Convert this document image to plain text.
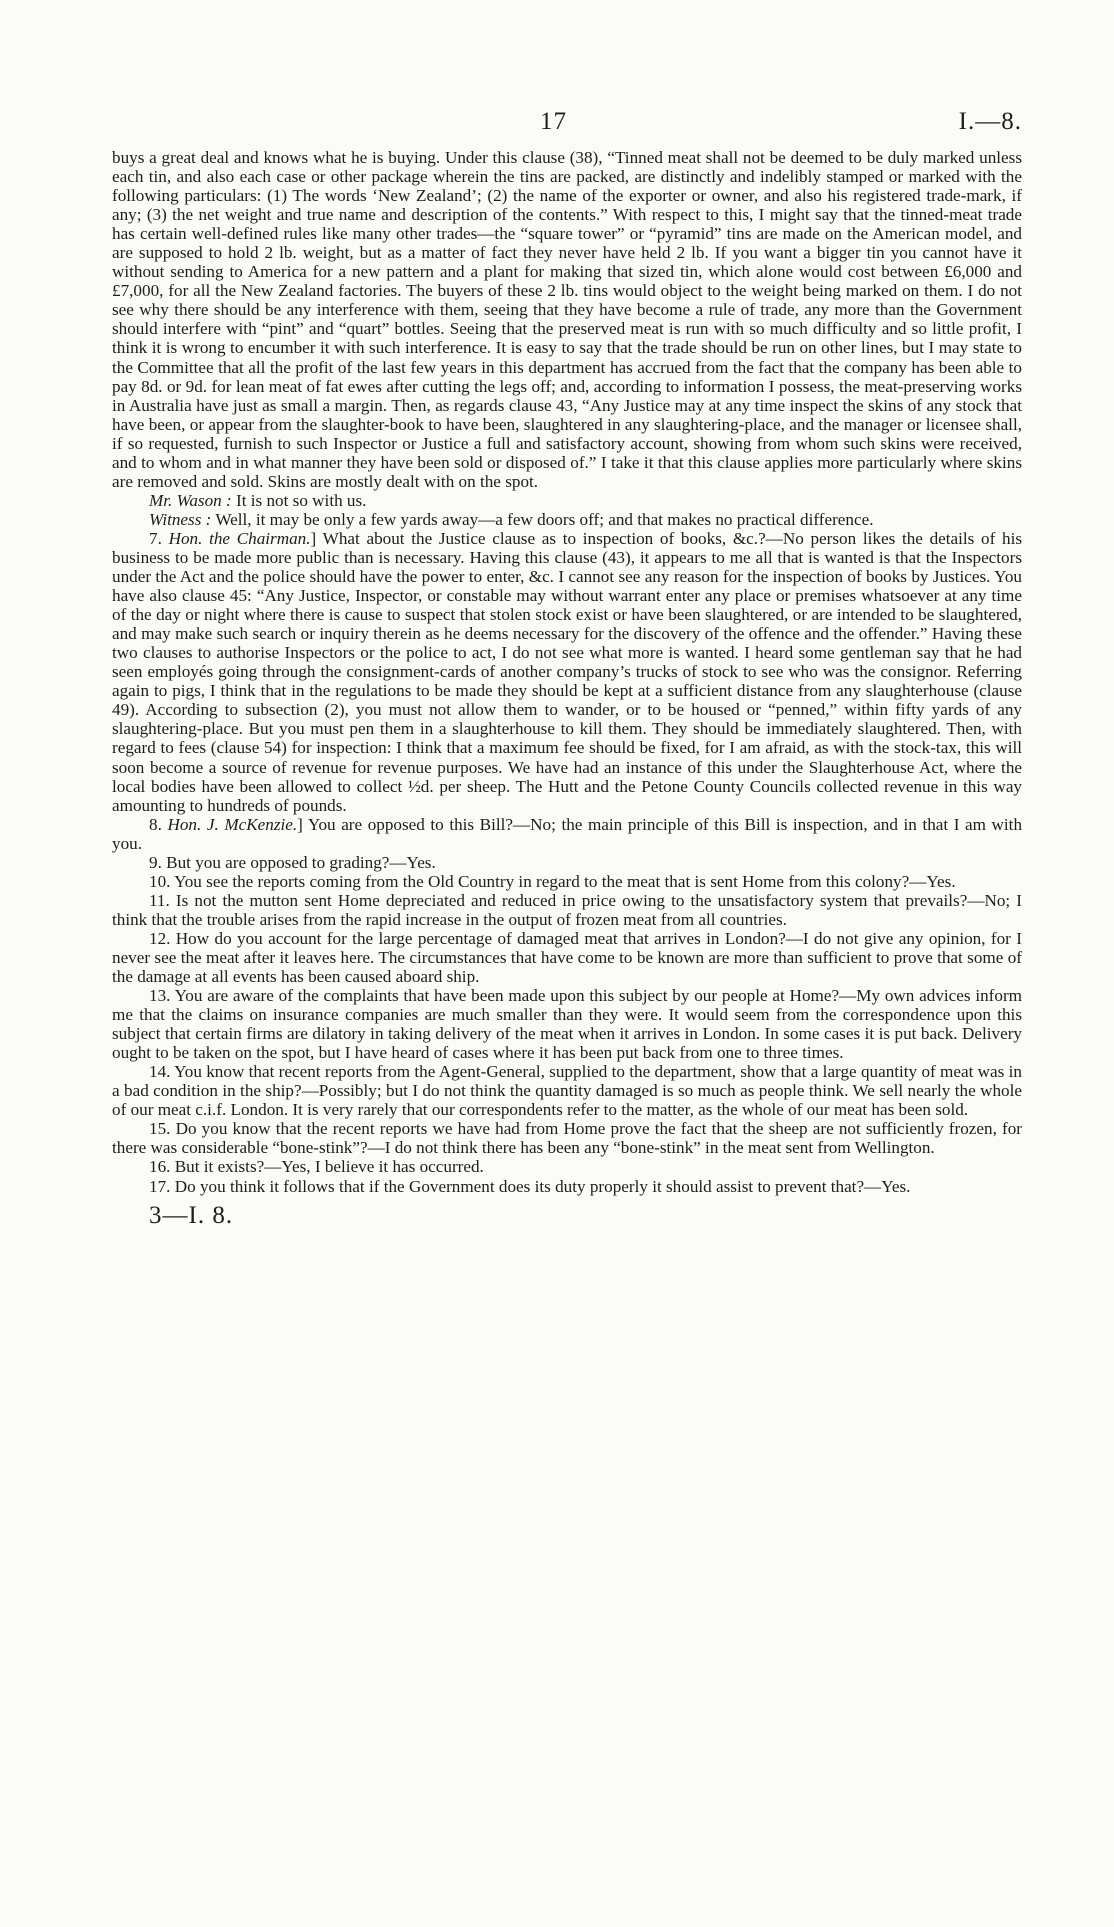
17	I.—8.

buys a great deal and knows what he is buying. Under this clause (38), “Tinned meat shall not be deemed to be duly marked unless each tin, and also each case or other package wherein the tins are packed, are distinctly and indelibly stamped or marked with the following particulars: (1) The words ‘New Zealand’; (2) the name of the exporter or owner, and also his registered trade-mark, if any; (3) the net weight and true name and description of the contents.” With respect to this, I might say that the tinned-meat trade has certain well-defined rules like many other trades—the “square tower” or “pyramid” tins are made on the American model, and are supposed to hold 2 lb. weight, but as a matter of fact they never have held 2 lb. If you want a bigger tin you cannot have it without sending to America for a new pattern and a plant for making that sized tin, which alone would cost between £6,000 and £7,000, for all the New Zealand factories. The buyers of these 2 lb. tins would object to the weight being marked on them. I do not see why there should be any interference with them, seeing that they have become a rule of trade, any more than the Government should interfere with “pint” and “quart” bottles. Seeing that the preserved meat is run with so much difficulty and so little profit, I think it is wrong to encumber it with such interference. It is easy to say that the trade should be run on other lines, but I may state to the Committee that all the profit of the last few years in this department has accrued from the fact that the company has been able to pay 8d. or 9d. for lean meat of fat ewes after cutting the legs off; and, according to information I possess, the meat-preserving works in Australia have just as small a margin. Then, as regards clause 43, “Any Justice may at any time inspect the skins of any stock that have been, or appear from the slaughter-book to have been, slaughtered in any slaughtering-place, and the manager or licensee shall, if so requested, furnish to such Inspector or Justice a full and satisfactory account, showing from whom such skins were received, and to whom and in what manner they have been sold or disposed of.” I take it that this clause applies more particularly where skins are removed and sold. Skins are mostly dealt with on the spot.

Mr. Wason : It is not so with us.

Witness : Well, it may be only a few yards away—a few doors off; and that makes no practical difference.

7. Hon. the Chairman.] What about the Justice clause as to inspection of books, &c.?—No person likes the details of his business to be made more public than is necessary. Having this clause (43), it appears to me all that is wanted is that the Inspectors under the Act and the police should have the power to enter, &c. I cannot see any reason for the inspection of books by Justices. You have also clause 45: “Any Justice, Inspector, or constable may without warrant enter any place or premises whatsoever at any time of the day or night where there is cause to suspect that stolen stock exist or have been slaughtered, or are intended to be slaughtered, and may make such search or inquiry therein as he deems necessary for the discovery of the offence and the offender.” Having these two clauses to authorise Inspectors or the police to act, I do not see what more is wanted. I heard some gentleman say that he had seen employés going through the consignment-cards of another company’s trucks of stock to see who was the consignor. Referring again to pigs, I think that in the regulations to be made they should be kept at a sufficient distance from any slaughterhouse (clause 49). According to subsection (2), you must not allow them to wander, or to be housed or “penned,” within fifty yards of any slaughtering-place. But you must pen them in a slaughterhouse to kill them. They should be immediately slaughtered. Then, with regard to fees (clause 54) for inspection: I think that a maximum fee should be fixed, for I am afraid, as with the stock-tax, this will soon become a source of revenue for revenue purposes. We have had an instance of this under the Slaughterhouse Act, where the local bodies have been allowed to collect ½d. per sheep. The Hutt and the Petone County Councils collected revenue in this way amounting to hundreds of pounds.

8. Hon. J. McKenzie.] You are opposed to this Bill?—No; the main principle of this Bill is inspection, and in that I am with you.

9. But you are opposed to grading?—Yes.

10. You see the reports coming from the Old Country in regard to the meat that is sent Home from this colony?—Yes.

11. Is not the mutton sent Home depreciated and reduced in price owing to the unsatisfactory system that prevails?—No; I think that the trouble arises from the rapid increase in the output of frozen meat from all countries.

12. How do you account for the large percentage of damaged meat that arrives in London?—I do not give any opinion, for I never see the meat after it leaves here. The circumstances that have come to be known are more than sufficient to prove that some of the damage at all events has been caused aboard ship.

13. You are aware of the complaints that have been made upon this subject by our people at Home?—My own advices inform me that the claims on insurance companies are much smaller than they were. It would seem from the correspondence upon this subject that certain firms are dilatory in taking delivery of the meat when it arrives in London. In some cases it is put back. Delivery ought to be taken on the spot, but I have heard of cases where it has been put back from one to three times.

14. You know that recent reports from the Agent-General, supplied to the department, show that a large quantity of meat was in a bad condition in the ship?—Possibly; but I do not think the quantity damaged is so much as people think. We sell nearly the whole of our meat c.i.f. London. It is very rarely that our correspondents refer to the matter, as the whole of our meat has been sold.

15. Do you know that the recent reports we have had from Home prove the fact that the sheep are not sufficiently frozen, for there was considerable “bone-stink”?—I do not think there has been any “bone-stink” in the meat sent from Wellington.

16. But it exists?—Yes, I believe it has occurred.

17. Do you think it follows that if the Government does its duty properly it should assist to prevent that?—Yes.

3—I. 8.
